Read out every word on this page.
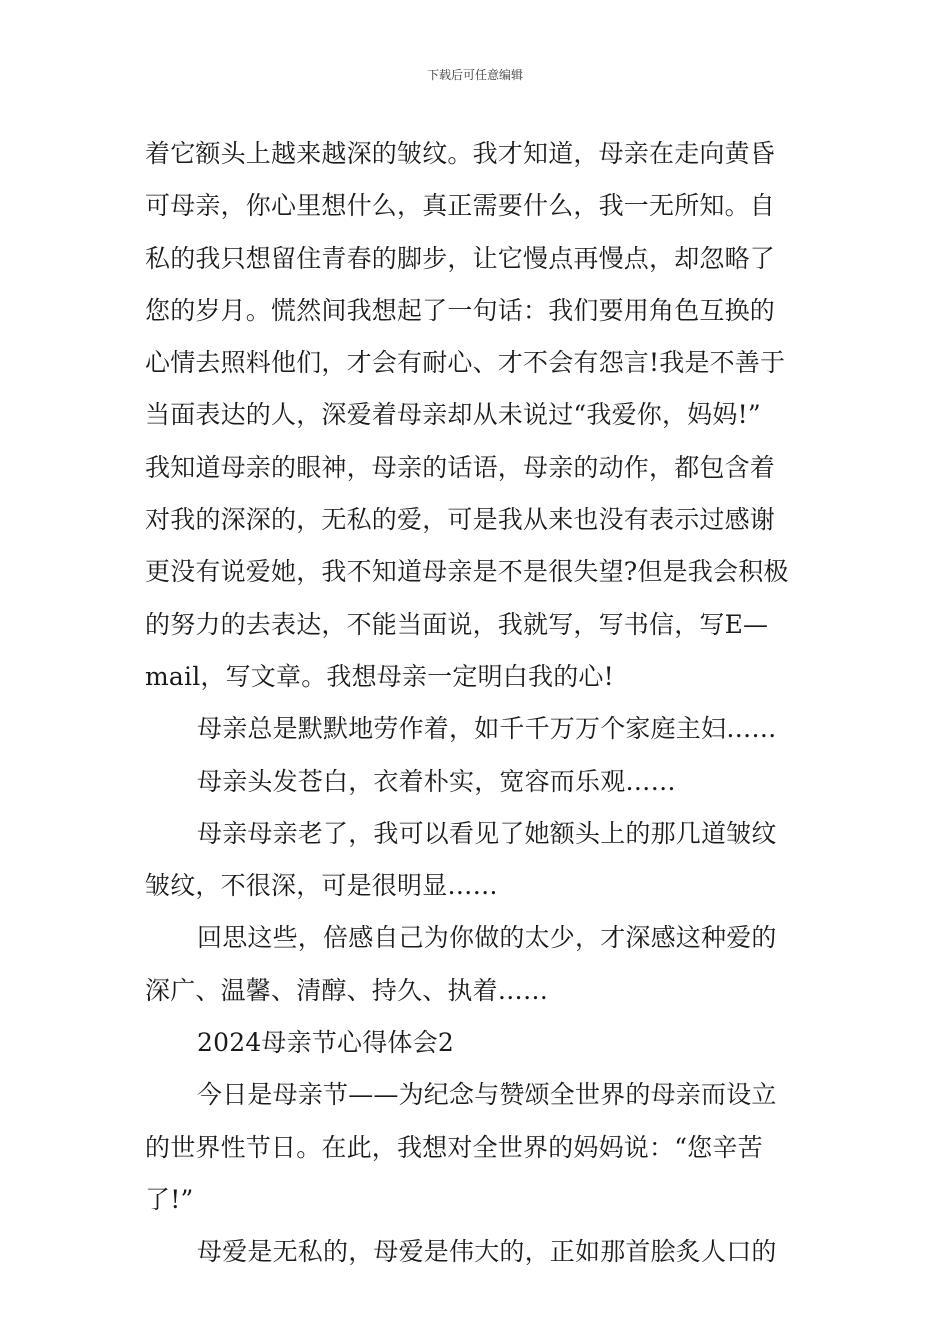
下载后可任意编辑
着它额头上越来越深的皱纹。我才知道，母亲在走向黄昏
可母亲，你心里想什么，真正需要什么，我一无所知。自
私的我只想留住青春的脚步，让它慢点再慢点，却忽略了
您的岁月。慌然间我想起了一句话：我们要用角色互换的
心情去照料他们，才会有耐心、才不会有怨言!我是不善于
当面表达的人，深爱着母亲却从未说过“我爱你，妈妈!”
我知道母亲的眼神，母亲的话语，母亲的动作，都包含着
对我的深深的，无私的爱，可是我从来也没有表示过感谢
更没有说爱她，我不知道母亲是不是很失望?但是我会积极
的努力的去表达，不能当面说，我就写，写书信，写E—
mail，写文章。我想母亲一定明白我的心!
母亲总是默默地劳作着，如千千万万个家庭主妇……
母亲头发苍白，衣着朴实，宽容而乐观……
母亲母亲老了，我可以看见了她额头上的那几道皱纹
皱纹，不很深，可是很明显……
回思这些，倍感自己为你做的太少，才深感这种爱的
深广、温馨、清醇、持久、执着……
2024母亲节心得体会2
今日是母亲节——为纪念与赞颂全世界的母亲而设立
的世界性节日。在此，我想对全世界的妈妈说：“您辛苦
了!”
母爱是无私的，母爱是伟大的，正如那首脍炙人口的
